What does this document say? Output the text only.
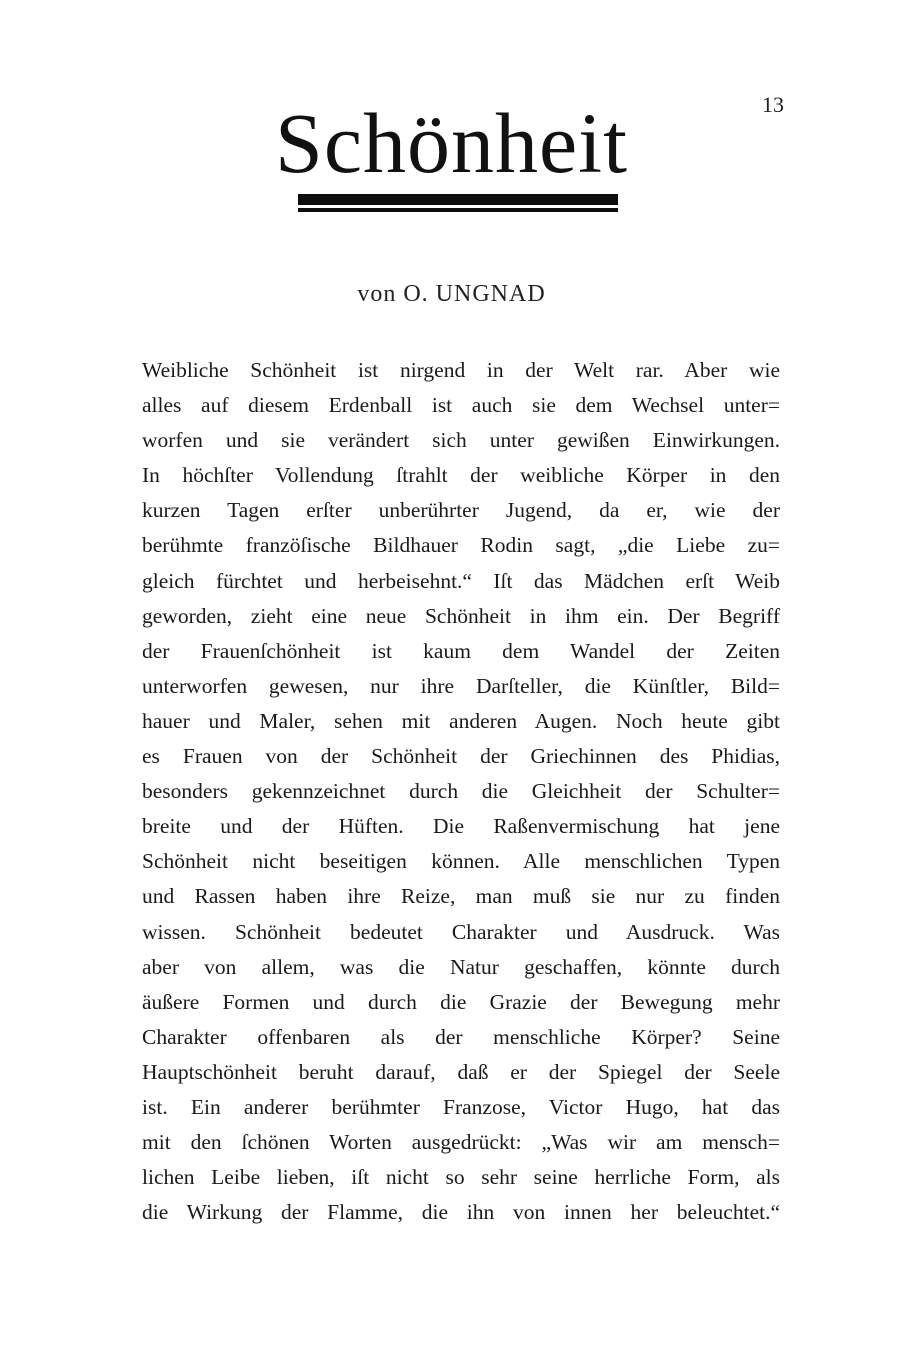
13
Schönheit
von O. UNGNAD
Weibliche Schönheit ist nirgend in der Welt rar. Aber wie
alles auf diesem Erdenball ist auch sie dem Wechsel unter=
worfen und sie verändert sich unter gewißen Einwirkungen.
In höchſter Vollendung ſtrahlt der weibliche Körper in den
kurzen Tagen erſter unberührter Jugend, da er, wie der
berühmte franzöſische Bildhauer Rodin sagt, „die Liebe zu=
gleich fürchtet und herbeisehnt.“ Iſt das Mädchen erſt Weib
geworden, zieht eine neue Schönheit in ihm ein. Der Begriff
der Frauenſchönheit ist kaum dem Wandel der Zeiten
unterworfen gewesen, nur ihre Darſteller, die Künſtler, Bild=
hauer und Maler, sehen mit anderen Augen. Noch heute gibt
es Frauen von der Schönheit der Griechinnen des Phidias,
besonders gekennzeichnet durch die Gleichheit der Schulter=
breite und der Hüften. Die Raßenvermischung hat jene
Schönheit nicht beseitigen können. Alle menschlichen Typen
und Rassen haben ihre Reize, man muß sie nur zu finden
wissen. Schönheit bedeutet Charakter und Ausdruck. Was
aber von allem, was die Natur geschaffen, könnte durch
äußere Formen und durch die Grazie der Bewegung mehr
Charakter offenbaren als der menschliche Körper? Seine
Hauptschönheit beruht darauf, daß er der Spiegel der Seele
ist. Ein anderer berühmter Franzose, Victor Hugo, hat das
mit den ſchönen Worten ausgedrückt: „Was wir am mensch=
lichen Leibe lieben, iſt nicht so sehr seine herrliche Form, als
die Wirkung der Flamme, die ihn von innen her beleuchtet.“
